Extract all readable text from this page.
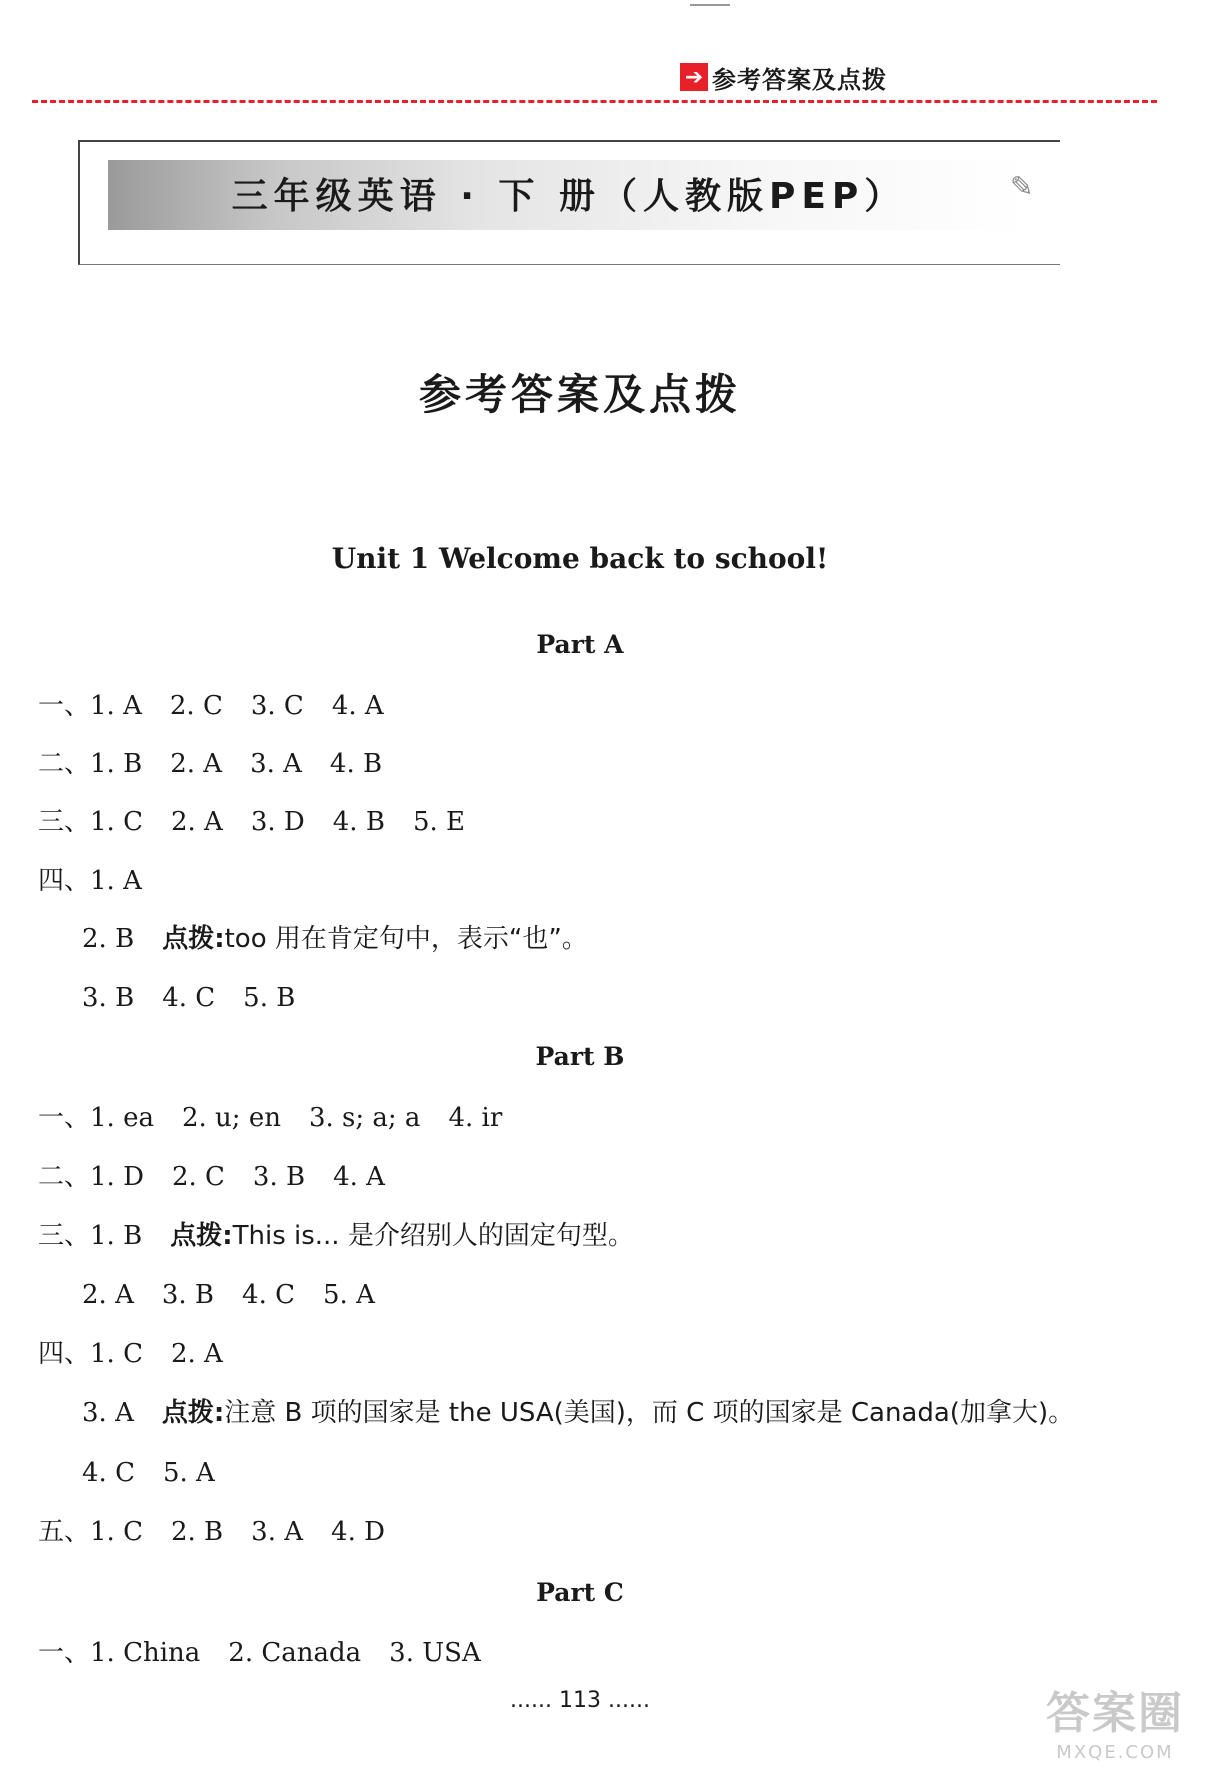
➔ 参考答案及点拨
三年级英语 · 下 册（人教版PEP）	✎
参考答案及点拨
Unit 1 Welcome back to school!
Part A
一、1. A 2. C 3. C 4. A
二、1. B 2. A 3. A 4. B
三、1. C 2. A 3. D 4. B 5. E
四、1. A
2. B 点拨:too 用在肯定句中，表示“也”。
3. B 4. C 5. B
Part B
一、1. ea 2. u; en 3. s; a; a 4. ir
二、1. D 2. C 3. B 4. A
三、1. B 点拨:This is... 是介绍别人的固定句型。
2. A 3. B 4. C 5. A
四、1. C 2. A
3. A 点拨:注意 B 项的国家是 the USA(美国)，而 C 项的国家是 Canada(加拿大)。
4. C 5. A
五、1. C 2. B 3. A 4. D
Part C
一、1. China 2. Canada 3. USA
...... 113 ......	答案圈
MXQE.COM
